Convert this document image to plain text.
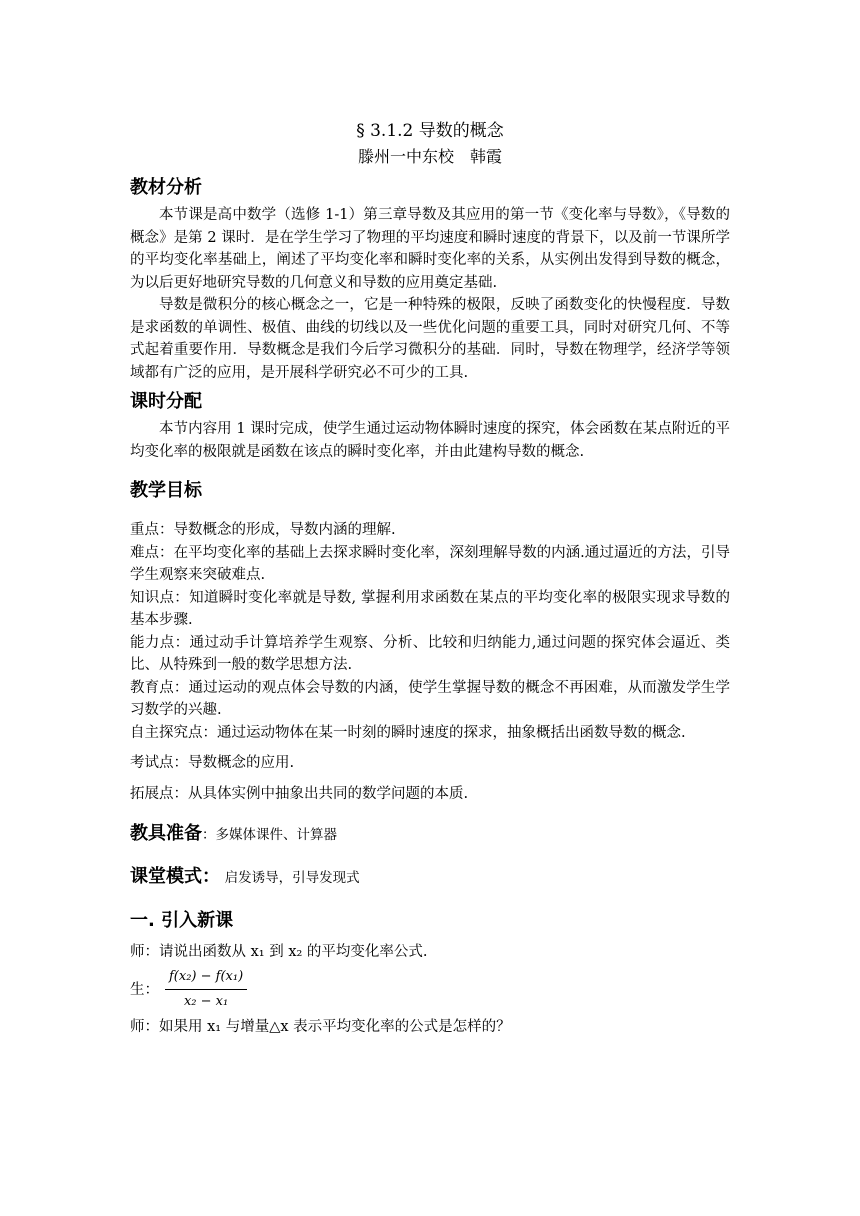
§ 3.1.2 导数的概念

滕州一中东校　韩霞

教材分析

本节课是高中数学（选修 1-1）第三章导数及其应用的第一节《变化率与导数》，《导数的概念》是第 2 课时．是在学生学习了物理的平均速度和瞬时速度的背景下，以及前一节课所学的平均变化率基础上，阐述了平均变化率和瞬时变化率的关系，从实例出发得到导数的概念，为以后更好地研究导数的几何意义和导数的应用奠定基础.

导数是微积分的核心概念之一，它是一种特殊的极限，反映了函数变化的快慢程度．导数是求函数的单调性、极值、曲线的切线以及一些优化问题的重要工具，同时对研究几何、不等式起着重要作用．导数概念是我们今后学习微积分的基础．同时，导数在物理学，经济学等领域都有广泛的应用，是开展科学研究必不可少的工具.

课时分配

本节内容用 1 课时完成，使学生通过运动物体瞬时速度的探究，体会函数在某点附近的平均变化率的极限就是函数在该点的瞬时变化率，并由此建构导数的概念.

教学目标

重点：导数概念的形成，导数内涵的理解.

难点：在平均变化率的基础上去探求瞬时变化率，深刻理解导数的内涵.通过逼近的方法，引导学生观察来突破难点.

知识点：知道瞬时变化率就是导数, 掌握利用求函数在某点的平均变化率的极限实现求导数的基本步骤.

能力点：通过动手计算培养学生观察、分析、比较和归纳能力,通过问题的探究体会逼近、类比、从特殊到一般的数学思想方法.

教育点：通过运动的观点体会导数的内涵，使学生掌握导数的概念不再困难，从而激发学生学习数学的兴趣.

自主探究点：通过运动物体在某一时刻的瞬时速度的探求，抽象概括出函数导数的概念.

考试点：导数概念的应用.

拓展点：从具体实例中抽象出共同的数学问题的本质.

教具准备：多媒体课件、计算器

课堂模式： 启发诱导，引导发现式

一. 引入新课

师：请说出函数从 x₁ 到 x₂ 的平均变化率公式.

生： $\frac{\text{f(x₂) − f(x₁)}}{\text{x₂ − x₁}}$

师：如果用 x₁ 与增量△x 表示平均变化率的公式是怎样的？
